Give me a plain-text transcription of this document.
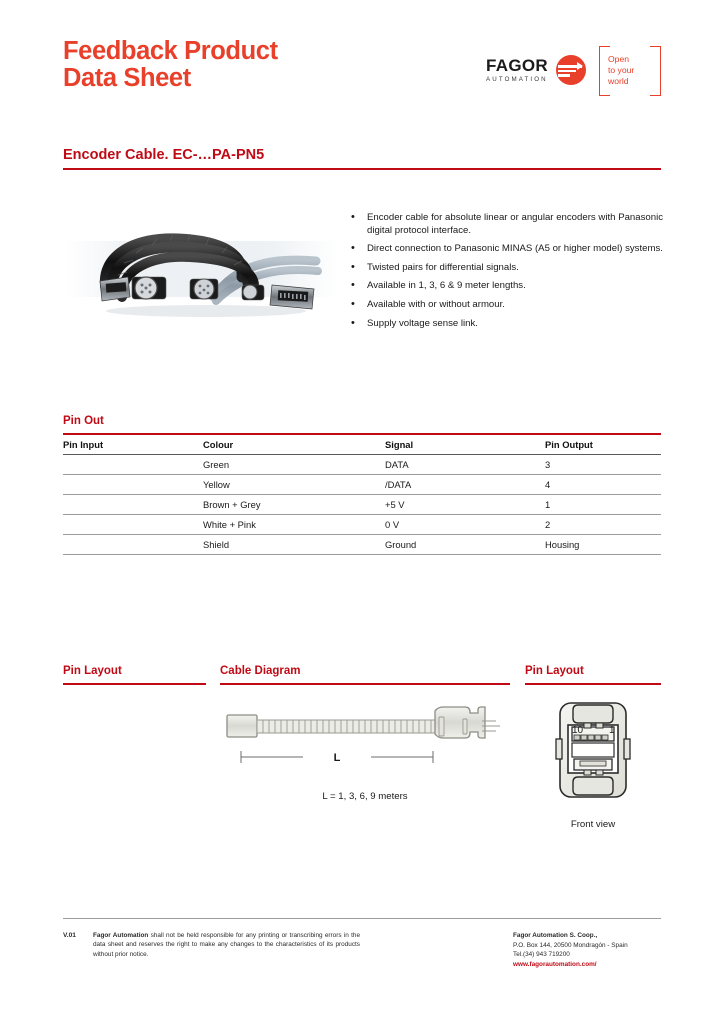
Feedback Product
Data Sheet	FAGOR
AUTOMATION
Open
to your
world
Encoder Cable. EC-…PA-PN5
• Encoder cable for absolute linear or angular encoders with Panasonic digital protocol interface.
• Direct connection to Panasonic MINAS (A5 or higher model) systems.
• Twisted pairs for differential signals.
• Available in 1, 3, 6 & 9 meter lengths.
• Available with or without armour.
• Supply voltage sense link.
Pin Out
Pin Input	Colour	Signal	Pin Output
	Green	DATA	3
	Yellow	/DATA	4
	Brown + Grey	+5 V	1
	White + Pink	0 V	2
	Shield	Ground	Housing
Pin Layout	Cable Diagram
L
L = 1, 3, 6, 9 meters
Pin Layout
10	1
Front view
V.01	Fagor Automation shall not be held responsible for any printing or transcribing errors in the data sheet and reserves the right to make any changes to the characteristics of its products without prior notice.
Fagor Automation S. Coop.,
P.O. Box 144, 20500 Mondragón - Spain
Tel.(34) 943 719200
www.fagorautomation.com/
